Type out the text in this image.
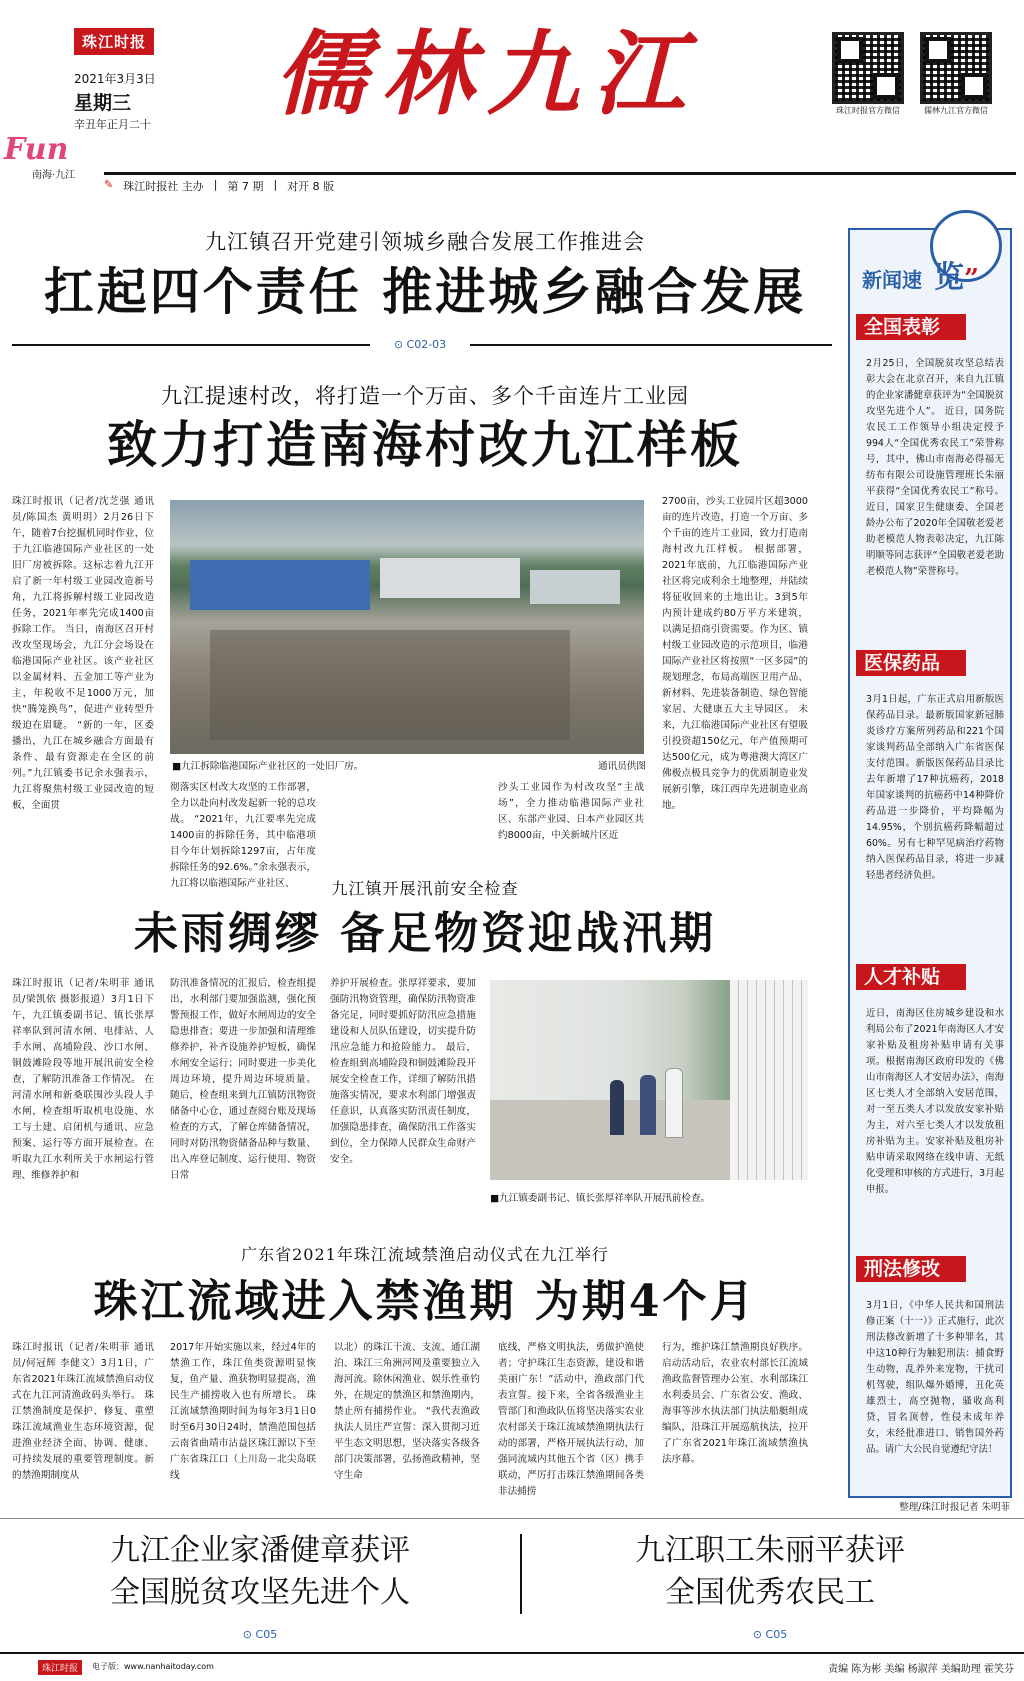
珠江时报
2021年3月3日
星期三
辛丑年正月二十
Fun
南海·九江
儒林九江	珠江时报官方微信	儒林九江官方微信
✎ 珠江时报社 主办 | 第 7 期 | 对开 8 版
九江镇召开党建引领城乡融合发展工作推进会
扛起四个责任 推进城乡融合发展
⊙ C02-03
九江提速村改，将打造一个万亩、多个千亩连片工业园
致力打造南海村改九江样板
珠江时报讯（记者/沈芝强 通讯员/陈国杰 黄明玥）2月26日下午，随着7台挖掘机同时作业，位于九江临港国际产业社区的一处旧厂房被拆除。这标志着九江开启了新一年村级工业园改造新号角，九江将拆解村级工业园改造任务，2021年率先完成1400亩拆除工作。 当日，南海区召开村改攻坚现场会，九江分会场设在临港国际产业社区。该产业社区以金属材料、五金加工等产业为主，年税收不足1000万元，加快“腾笼换鸟”，促进产业转型升级迫在眉睫。 “新的一年，区委播出，九江在城乡融合方面最有条件、最有资源走在全区的前列。”九江镇委书记余永强表示，九江将聚焦村级工业园改造的短板，全面贯
■九江拆除临港国际产业社区的一处旧厂房。	通讯员供图
彻落实区村改大攻坚的工作部署，全力以赴向村改发起新一轮的总攻战。 “2021年，九江要率先完成1400亩的拆除任务，其中临港项目今年计划拆除1297亩，占年度拆除任务的92.6%。”余永强表示，九江将以临港国际产业社区、
沙头工业园作为村改攻坚“主战场”，全力推动临港国际产业社区、东部产业园、日本产业园区共约8000亩，中关新城片区近
2700亩，沙头工业园片区超3000亩的连片改造，打造一个万亩、多个千亩的连片工业园，致力打造南海村改九江样板。 根据部署，2021年底前，九江临港国际产业社区将完成利余土地整理，并陆续将征收回来的土地出让。3到5年内预计建成约80万平方米建筑，以满足招商引资需要。作为区、镇村级工业园改造的示范项目，临港国际产业社区将按照“一区多园”的规划理念，布局高端医卫用产品、新材料、先进装备制造、绿色智能家居、大健康五大主导园区。 未来，九江临港国际产业社区有望吸引投资超150亿元，年产值预期可达500亿元，成为粤港澳大湾区广佛极点极具竞争力的优质制造业发展新引擎，珠江西岸先进制造业高地。
九江镇开展汛前安全检查
未雨绸缪 备足物资迎战汛期
珠江时报讯（记者/朱明菲 通讯员/梁凯依 摄影报道）3月1日下午，九江镇委副书记、镇长张厚祥率队到河清水闸、电排站、人手水闸、高埔险段、沙口水闸、铜鼓滩险段等地开展汛前安全检查，了解防汛准备工作情况。 在河清水闸和新桑联围沙头段人手水闸，检查组听取机电设施、水工与土建、启闭机与通讯、应急预案、运行等方面开展检查。在听取九江水利所关于水闸运行管理、维修养护和
防汛准备情况的汇报后，检查组提出，水利部门要加强监测，强化预警预报工作，做好水闸周边的安全隐患排查；要进一步加强和清理维修养护，补齐设施养护短板，确保水闸安全运行；同时要进一步美化周边环境，提升周边环境质量。 随后，检查组来到九江镇防汛物资储备中心仓，通过查阅台账及现场检查的方式，了解仓库储备情况，同时对防汛物资储备品种与数量、出入库登记制度、运行使用、物资日常
养护开展检查。张厚祥要求，要加强防汛物资管理，确保防汛物资准备完足，同时要抓好防汛应急措施建设和人员队伍建设，切实提升防汛应急能力和抢险能力。 最后，检查组到高埔险段和铜鼓滩险段开展安全检查工作，详细了解防汛措施落实情况，要求水利部门增强责任意识，认真落实防汛责任制度，加强隐患排查，确保防汛工作落实到位，全力保障人民群众生命财产安全。
■九江镇委副书记、镇长张厚祥率队开展汛前检查。
广东省2021年珠江流域禁渔启动仪式在九江举行
珠江流域进入禁渔期 为期4个月
珠江时报讯（记者/朱明菲 通讯员/何冠辉 李健文）3月1日，广东省2021年珠江流域禁渔启动仪式在九江河清渔政码头举行。 珠江禁渔制度是保护、修复、重塑珠江流域渔业生态环境资源，促进渔业经济全面、协调、健康、可持续发展的重要管理制度。新的禁渔期制度从
2017年开始实施以来，经过4年的禁渔工作，珠江鱼类资源明显恢复，鱼产量、渔获物明显提高，渔民生产捕捞收入也有所增长。 珠江流域禁渔期时间为每年3月1日0时至6月30日24时，禁渔范围包括云南省曲靖市沾益区珠江源以下至广东省珠江口（上川岛－北尖岛联线
以北）的珠江干流、支流、通江湖泊、珠江三角洲河网及重要独立入海河流。除休闲渔业、娱乐性垂钓外，在规定的禁渔区和禁渔期内，禁止所有捕捞作业。 “我代表渔政执法人员庄严宣誓：深入贯彻习近平生态文明思想，坚决落实各级各部门决策部署，弘扬渔政精神，坚守生命
底线，严格文明执法，勇做护渔使者；守护珠江生态资源，建设和谐美丽广东！”活动中，渔政部门代表宣誓。接下来，全省各级渔业主管部门和渔政队伍将坚决落实农业农村部关于珠江流域禁渔期执法行动的部署，严格开展执法行动，加强同流域内其他五个省（区）携手联动，严厉打击珠江禁渔期间各类非法捕捞
行为，维护珠江禁渔期良好秩序。 启动活动后，农业农村部长江流域渔政监督管理办公室、水利部珠江水利委员会、广东省公安、渔政、海事等涉水执法部门执法船艇组成编队，沿珠江开展巡航执法，拉开了广东省2021年珠江流域禁渔执法序幕。
九江企业家潘健章获评
全国脱贫攻坚先进个人
⊙ C05
九江职工朱丽平获评
全国优秀农民工
⊙ C05
新闻速 览”
全国表彰
2月25日，全国脱贫攻坚总结表彰大会在北京召开，来自九江镇的企业家潘健章获评为“全国脱贫攻坚先进个人”。 近日，国务院农民工工作领导小组决定授予994人“全国优秀农民工”荣誉称号，其中，佛山市南海必得福无纺布有限公司设施管理班长朱丽平获得“全国优秀农民工”称号。 近日，国家卫生健康委、全国老龄办公布了2020年全国敬老爱老助老模范人物表彰决定，九江陈明顺等同志获评“全国敬老爱老助老模范人物”荣誉称号。
医保药品
3月1日起，广东正式启用新版医保药品目录。最新版国家新冠肺炎诊疗方案所列药品和221个国家谈判药品全部纳入广东省医保支付范围。新版医保药品目录比去年新增了17种抗癌药，2018年国家谈判的抗癌药中14种降价药品进一步降价，平均降幅为14.95%，个别抗癌药降幅超过60%。另有七种罕见病治疗药物纳入医保药品目录，将进一步减轻患者经济负担。
人才补贴
近日，南海区住房城乡建设和水利局公布了2021年南海区人才安家补贴及租房补贴申请有关事项。根据南海区政府印发的《佛山市南海区人才安居办法》，南海区七类人才全部纳入安居范围，对一至五类人才以发放安家补贴为主，对六至七类人才以发放租房补贴为主。安家补贴及租房补贴申请采取网络在线申请、无纸化受理和审核的方式进行，3月起申报。
刑法修改
3月1日，《中华人民共和国刑法修正案（十一）》正式施行，此次刑法修改新增了十多种罪名，其中这10种行为触犯刑法：捕食野生动物，乱养外来宠物，干扰司机驾驶，组队爆外婚博，丑化英雄烈士，高空抛物，骚收高利贷，冒名顶替，性侵未成年养女，未经批准进口、销售国外药品。请广大公民自觉遵纪守法！
整理/珠江时报记者 朱明菲
珠江时报	电子版：www.nanhaitoday.com	责编 陈为彬 美编 杨淑萍 美编助理 霍笑芬
